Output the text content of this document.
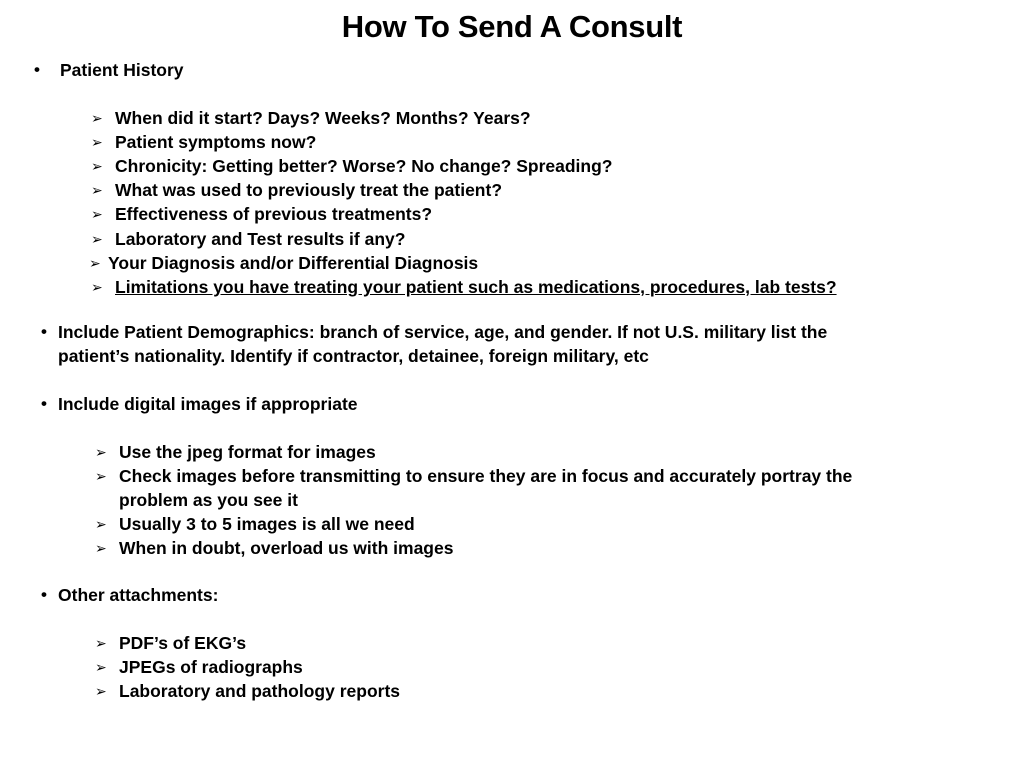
How To Send A Consult
• Patient History
➢ When did it start? Days? Weeks? Months? Years?
➢ Patient symptoms now?
➢ Chronicity: Getting better? Worse? No change? Spreading?
➢ What was used to previously treat the patient?
➢ Effectiveness of previous treatments?
➢ Laboratory and Test results if any?
➢ Your Diagnosis and/or Differential Diagnosis
➢ Limitations you have treating your patient such as medications, procedures, lab tests?
• Include Patient Demographics: branch of service, age, and gender. If not U.S. military list the
patient’s nationality. Identify if contractor, detainee, foreign military, etc
• Include digital images if appropriate
➢ Use the jpeg format for images
➢ Check images before transmitting to ensure they are in focus and accurately portray the
problem as you see it
➢ Usually 3 to 5 images is all we need
➢ When in doubt, overload us with images
• Other attachments:
➢ PDF’s of EKG’s
➢ JPEGs of radiographs
➢ Laboratory and pathology reports
